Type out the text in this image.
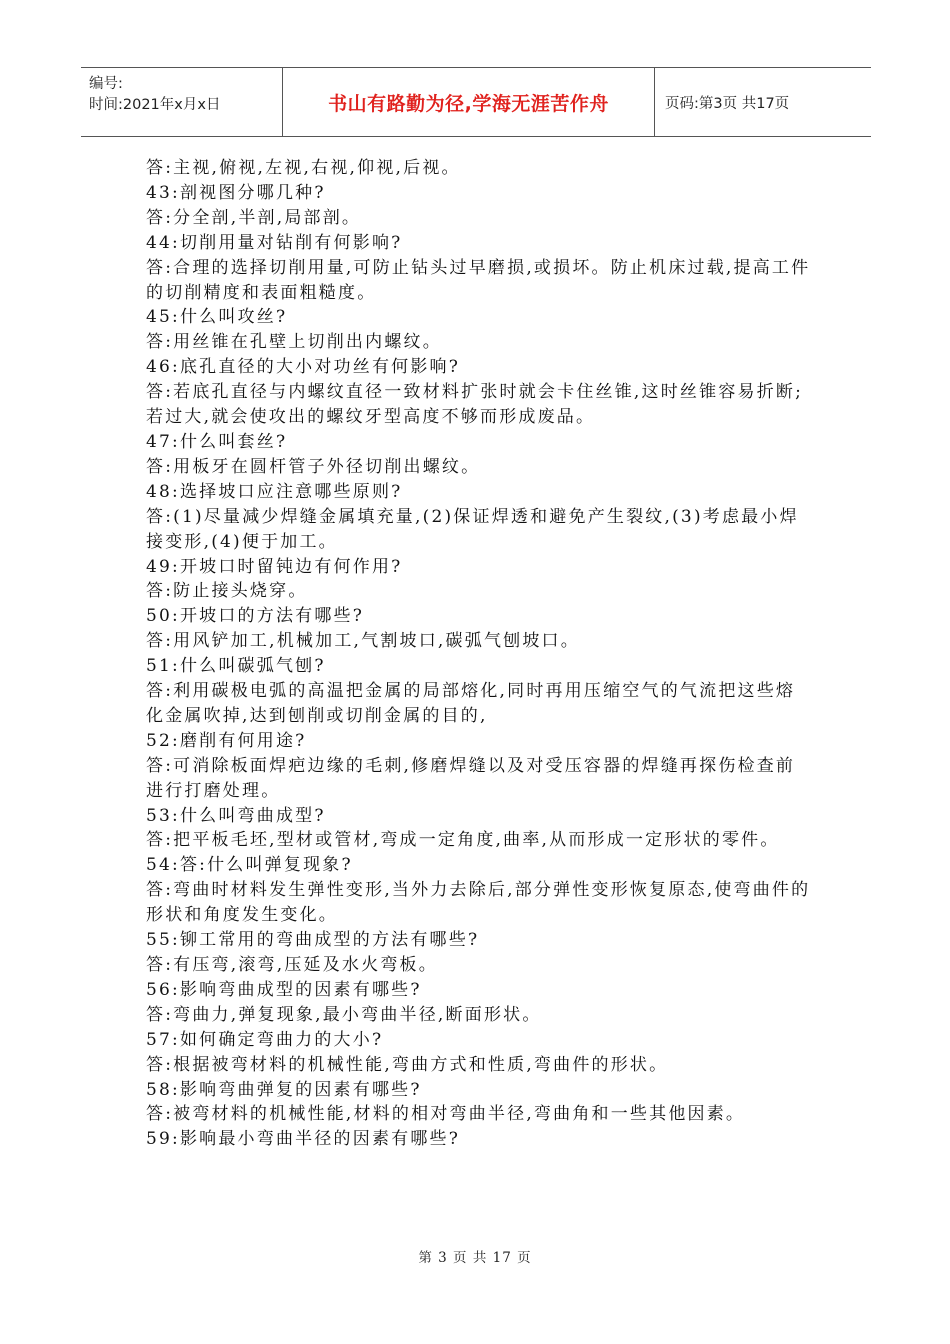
编号:
时间:2021年x月x日	书山有路勤为径,学海无涯苦作舟	页码:第3页 共17页

答:主视,俯视,左视,右视,仰视,后视。

43:剖视图分哪几种?

答:分全剖,半剖,局部剖。

44:切削用量对钻削有何影响?

答:合理的选择切削用量,可防止钻头过早磨损,或损坏。防止机床过载,提高工件的切削精度和表面粗糙度。

45:什么叫攻丝?

答:用丝锥在孔壁上切削出内螺纹。

46:底孔直径的大小对功丝有何影响?

答:若底孔直径与内螺纹直径一致材料扩张时就会卡住丝锥,这时丝锥容易折断;若过大,就会使攻出的螺纹牙型高度不够而形成废品。

47:什么叫套丝?

答:用板牙在圆杆管子外径切削出螺纹。

48:选择坡口应注意哪些原则?

答:(1)尽量减少焊缝金属填充量,(2)保证焊透和避免产生裂纹,(3)考虑最小焊接变形,(4)便于加工。

49:开坡口时留钝边有何作用?

答:防止接头烧穿。

50:开坡口的方法有哪些?

答:用风铲加工,机械加工,气割坡口,碳弧气刨坡口。

51:什么叫碳弧气刨?

答:利用碳极电弧的高温把金属的局部熔化,同时再用压缩空气的气流把这些熔化金属吹掉,达到刨削或切削金属的目的,

52:磨削有何用途?

答:可消除板面焊疤边缘的毛刺,修磨焊缝以及对受压容器的焊缝再探伤检查前进行打磨处理。

53:什么叫弯曲成型?

答:把平板毛坯,型材或管材,弯成一定角度,曲率,从而形成一定形状的零件。

54:答:什么叫弹复现象?

答:弯曲时材料发生弹性变形,当外力去除后,部分弹性变形恢复原态,使弯曲件的形状和角度发生变化。

55:铆工常用的弯曲成型的方法有哪些?

答:有压弯,滚弯,压延及水火弯板。

56:影响弯曲成型的因素有哪些?

答:弯曲力,弹复现象,最小弯曲半径,断面形状。

57:如何确定弯曲力的大小?

答:根据被弯材料的机械性能,弯曲方式和性质,弯曲件的形状。

58:影响弯曲弹复的因素有哪些?

答:被弯材料的机械性能,材料的相对弯曲半径,弯曲角和一些其他因素。

59:影响最小弯曲半径的因素有哪些?

第 3 页 共 17 页
